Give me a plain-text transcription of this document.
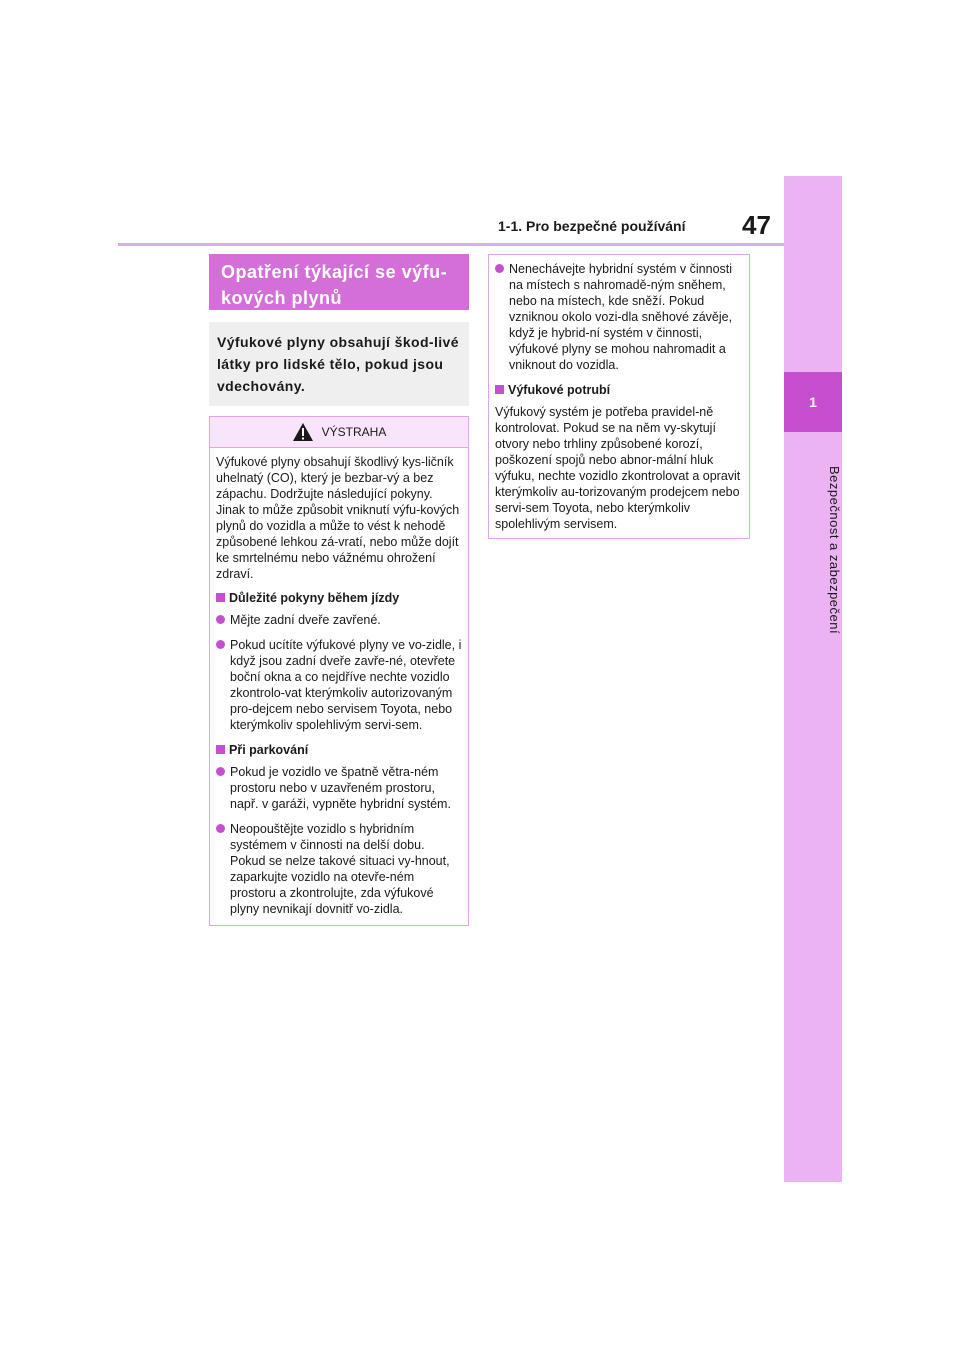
47
1-1. Pro bezpečné používání
1
Bezpečnost a zabezpečení
Opatření týkající se výfu-kových plynů
Výfukové plyny obsahují škod-livé látky pro lidské tělo, pokud jsou vdechovány.
VÝSTRAHA
Výfukové plyny obsahují škodlivý kys-ličník uhelnatý (CO), který je bezbar-vý a bez zápachu. Dodržujte následující pokyny.
Jinak to může způsobit vniknutí výfu-kových plynů do vozidla a může to vést k nehodě způsobené lehkou zá-vratí, nebo může dojít ke smrtelnému nebo vážnému ohrožení zdraví.
Důležité pokyny během jízdy
Mějte zadní dveře zavřené.
Pokud ucítíte výfukové plyny ve vo-zidle, i když jsou zadní dveře zavře-né, otevřete boční okna a co nejdříve nechte vozidlo zkontrolo-vat kterýmkoliv autorizovaným pro-dejcem nebo servisem Toyota, nebo kterýmkoliv spolehlivým servi-sem.
Při parkování
Pokud je vozidlo ve špatně větra-ném prostoru nebo v uzavřeném prostoru, např. v garáži, vypněte hybridní systém.
Neopouštějte vozidlo s hybridním systémem v činnosti na delší dobu. Pokud se nelze takové situaci vy-hnout, zaparkujte vozidlo na otevře-ném prostoru a zkontrolujte, zda výfukové plyny nevnikají dovnitř vo-zidla.
Nenechávejte hybridní systém v činnosti na místech s nahromadě-ným sněhem, nebo na místech, kde sněží. Pokud vzniknou okolo vozi-dla sněhové závěje, když je hybrid-ní systém v činnosti, výfukové plyny se mohou nahromadit a vniknout do vozidla.
Výfukové potrubí
Výfukový systém je potřeba pravidel-ně kontrolovat. Pokud se na něm vy-skytují otvory nebo trhliny způsobené korozí, poškození spojů nebo abnor-mální hluk výfuku, nechte vozidlo zkontrolovat a opravit kterýmkoliv au-torizovaným prodejcem nebo servi-sem Toyota, nebo kterýmkoliv spolehlivým servisem.
